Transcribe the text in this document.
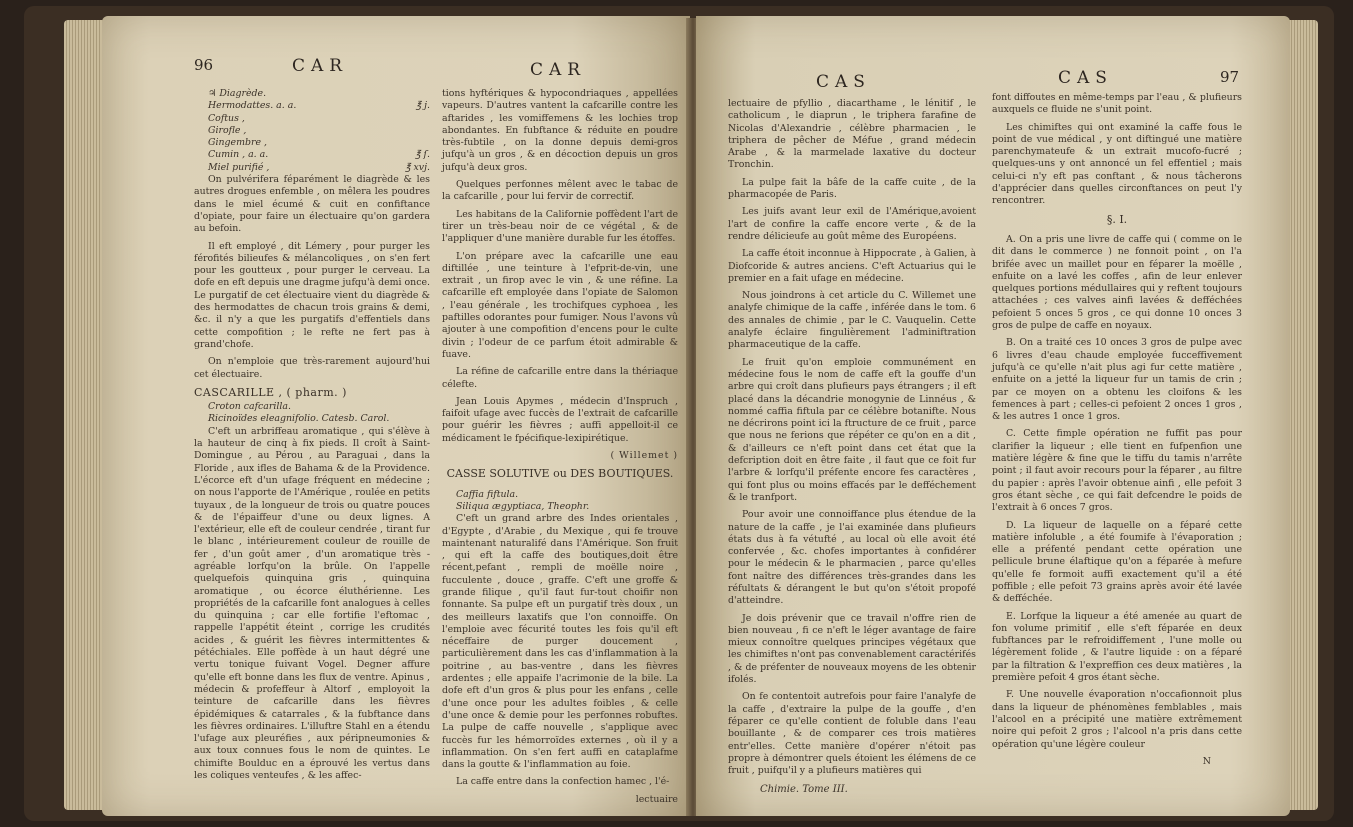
96	CAR	CAR
♃ Diagrède.
Hermodattes. a. a.	℥ j.
Coftus ,
Girofle ,
Gingembre ,
Cumin , a. a.	℥ ſ.
Miel purifié ,	℥ xvj.

On pulvérifera féparément le diagrède & les autres drogues enfemble , on mêlera les poudres dans le miel écumé & cuit en confiftance d'opiate, pour faire un électuaire qu'on gardera au befoin.

Il eft employé , dit Lémery , pour purger les férofités bilieufes & mélancoliques , on s'en fert pour les goutteux , pour purger le cerveau. La dofe en eft depuis une dragme jufqu'à demi once. Le purgatif de cet électuaire vient du diagrède & des hermodattes de chacun trois grains & demi, &c. il n'y a que les purgatifs d'effentiels dans cette compofition ; le refte ne fert pas à grand'chofe.

On n'emploie que très-rarement aujourd'hui cet électuaire.

CASCARILLE , ( pharm. )

Croton cafcarilla.

Ricinoïdes eleagnifolio. Catesb. Carol.

C'eft un arbriffeau aromatique , qui s'élève à la hauteur de cinq à fix pieds. Il croît à Saint-Domingue , au Pérou , au Paraguai , dans la Floride , aux ifles de Bahama & de la Providence. L'écorce eft d'un ufage fréquent en médecine ; on nous l'apporte de l'Amérique , roulée en petits tuyaux , de la longueur de trois ou quatre pouces & de l'épaiffeur d'une ou deux lignes. A l'extérieur, elle eft de couleur cendrée , tirant fur le blanc , intérieurement couleur de rouille de fer , d'un goût amer , d'un aromatique très - agréable lorfqu'on la brûle. On l'appelle quelquefois quinquina gris , quinquina aromatique , ou écorce éluthérienne. Les propriétés de la cafcarille font analogues à celles du quinquina ; car elle fortifie l'eftomac , rappelle l'appétit éteint , corrige les crudités acides , & guérit les fièvres intermittentes & pétéchiales. Elle poffède à un haut dégré une vertu tonique fuivant Vogel. Degner affure qu'elle eft bonne dans les flux de ventre. Apinus , médecin & profeffeur à Altorf , employoit la teinture de cafcarille dans les fièvres épidémiques & catarrales , & la fubftance dans les fièvres ordinaires. L'illuftre Stahl en a étendu l'ufage aux pleuréfies , aux péripneumonies & aux toux connues fous le nom de quintes. Le chimifte Boulduc en a éprouvé les vertus dans les coliques venteufes , & les affec-

tions hyftériques & hypocondriaques , appellées vapeurs. D'autres vantent la cafcarille contre les aftarides , les vomiffemens & les lochies trop abondantes. En fubftance & réduite en poudre très-fubtile , on la donne depuis demi-gros jufqu'à un gros , & en décoction depuis un gros jufqu'à deux gros.

Quelques perfonnes mêlent avec le tabac de la cafcarille , pour lui fervir de correctif.

Les habitans de la Californie poffèdent l'art de tirer un très-beau noir de ce végétal , & de l'appliquer d'une manière durable fur les étoffes.

L'on prépare avec la cafcarille une eau diftillée , une teinture à l'efprit-de-vin, une extrait , un firop avec le vin , & une réfine. La cafcarille eft employée dans l'opiate de Salomon , l'eau générale , les trochifques cyphoea , les paftilles odorantes pour fumiger. Nous l'avons vû ajouter à une compofition d'encens pour le culte divin ; l'odeur de ce parfum étoit admirable & fuave.

La réfine de cafcarille entre dans la thériaque célefte.

Jean Louis Apymes , médecin d'Inspruch , faifoit ufage avec fuccès de l'extrait de cafcarille pour guérir les fièvres ; auffi appelloit-il ce médicament le fpécifique-lexipirétique.

( Willemet )

CASSE SOLUTIVE ou DES BOUTIQUES.

Caffia fiftula.

Siliqua ægyptiaca, Theophr.

C'eft un grand arbre des Indes orientales , d'Egypte , d'Arabie , du Mexique , qui fe trouve maintenant naturalifé dans l'Amérique. Son fruit , qui eft la caffe des boutiques,doit être récent,pefant , rempli de moëlle noire , fucculente , douce , graffe. C'eft une groffe & grande filique , qu'il faut fur-tout choifir non fonnante. Sa pulpe eft un purgatif très doux , un des meilleurs laxatifs que l'on connoiffe. On l'emploie avec fécurité toutes les fois qu'il eft néceffaire de purger doucement , particulièrement dans les cas d'inflammation à la poitrine , au bas-ventre , dans les fièvres ardentes ; elle appaife l'acrimonie de la bile. La dofe eft d'un gros & plus pour les enfans , celle d'une once pour les adultes foibles , & celle d'une once & demie pour les perfonnes robuftes. La pulpe de caffe nouvelle , s'applique avec fuccès fur les hémorroïdes externes , où il y a inflammation. On s'en fert auffi en cataplafme dans la goutte & l'inflammation au foie.

La caffe entre dans la confection hamec , l'é-

lectuaire

CAS	CAS	97

lectuaire de pfyllio , diacarthame , le lénitif , le catholicum , le diaprun , le triphera farafine de Nicolas d'Alexandrie , célèbre pharmacien , le triphera de pêcher de Méfue , grand médecin Arabe , & la marmelade laxative du docteur Tronchin.

La pulpe fait la bâfe de la caffe cuite , de la pharmacopée de Paris.

Les juifs avant leur exil de l'Amérique,avoient l'art de confire la caffe encore verte , & de la rendre délicieufe au goût même des Européens.

La caffe étoit inconnue à Hippocrate , à Galien, à Diofcoride & autres anciens. C'eft Actuarius qui le premier en a fait ufage en médecine.

Nous joindrons à cet article du C. Willemet une analyfe chimique de la caffe , inférée dans le tom. 6 des annales de chimie , par le C. Vauquelin. Cette analyfe éclaire fingulièrement l'adminiftration pharmaceutique de la caffe.

Le fruit qu'on emploie communément en médecine fous le nom de caffe eft la gouffe d'un arbre qui croît dans plufieurs pays étrangers ; il eft placé dans la décandrie monogynie de Linnéus , & nommé caffia fiftula par ce célèbre botanifte. Nous ne décrirons point ici la ftructure de ce fruit , parce que nous ne ferions que répéter ce qu'on en a dit , & d'ailleurs ce n'eft point dans cet état que la defcription doit en être faite , il faut que ce foit fur l'arbre & lorfqu'il préfente encore fes caractères , qui font plus ou moins effacés par le defféchement & le tranfport.

Pour avoir une connoiffance plus étendue de la nature de la caffe , je l'ai examinée dans plufieurs états dus à fa vétufté , au local où elle avoit été confervée , &c. chofes importantes à confidérer pour le médecin & le pharmacien , parce qu'elles font naître des différences très-grandes dans les réfultats & dérangent le but qu'on s'étoit propofé d'atteindre.

Je dois prévenir que ce travail n'offre rien de bien nouveau , fi ce n'eft le léger avantage de faire mieux connoître quelques principes végétaux que les chimiftes n'ont pas convenablement caractérifés , & de préfenter de nouveaux moyens de les obtenir ifolés.

On fe contentoit autrefois pour faire l'analyfe de la caffe , d'extraire la pulpe de la gouffe , d'en féparer ce qu'elle contient de foluble dans l'eau bouillante , & de comparer ces trois matières entr'elles. Cette manière d'opérer n'étoit pas propre à démontrer quels étoient les élémens de ce fruit , puifqu'il y a plufieurs matières qui

Chimie. Tome III.

font diffoutes en même-temps par l'eau , & plufieurs auxquels ce fluide ne s'unit point.

Les chimiftes qui ont examiné la caffe fous le point de vue médical , y ont diftingué une matière parenchymateufe & un extrait mucofo-fucré ; quelques-uns y ont annoncé un fel effentiel ; mais celui-ci n'y eft pas conftant , & nous tâcherons d'apprécier dans quelles circonftances on peut l'y rencontrer.

§. I.

A. On a pris une livre de caffe qui ( comme on le dit dans le commerce ) ne fonnoit point , on l'a brifée avec un maillet pour en féparer la moëlle , enfuite on a lavé les coffes , afin de leur enlever quelques portions médullaires qui y reftent toujours attachées ; ces valves ainfi lavées & defféchées pefoient 5 onces 5 gros , ce qui donne 10 onces 3 gros de pulpe de caffe en noyaux.

B. On a traité ces 10 onces 3 gros de pulpe avec 6 livres d'eau chaude employée fucceffivement jufqu'à ce qu'elle n'ait plus agi fur cette matière , enfuite on a jetté la liqueur fur un tamis de crin ; par ce moyen on a obtenu les cloifons & les femences à part ; celles-ci pefoient 2 onces 1 gros , & les autres 1 once 1 gros.

C. Cette fimple opération ne fuffit pas pour clarifier la liqueur ; elle tient en fufpenfion une matière légère & fine que le tiffu du tamis n'arrête point ; il faut avoir recours pour la féparer , au filtre du papier : après l'avoir obtenue ainfi , elle pefoit 3 gros étant sèche , ce qui fait defcendre le poids de l'extrait à 6 onces 7 gros.

D. La liqueur de laquelle on a féparé cette matière infoluble , a été foumife à l'évaporation ; elle a préfenté pendant cette opération une pellicule brune élaftique qu'on a féparée à mefure qu'elle fe formoit auffi exactement qu'il a été poffible ; elle pefoit 73 grains après avoir été lavée & defféchée.

E. Lorfque la liqueur a été amenée au quart de fon volume primitif , elle s'eft féparée en deux fubftances par le refroidiffement , l'une molle ou légèrement folide , & l'autre liquide : on a féparé par la filtration & l'expreffion ces deux matières , la première pefoit 4 gros étant sèche.

F. Une nouvelle évaporation n'occafionnoit plus dans la liqueur de phénomènes femblables , mais l'alcool en a précipité une matière extrêmement noire qui pefoit 2 gros ; l'alcool n'a pris dans cette opération qu'une légère couleur

N
